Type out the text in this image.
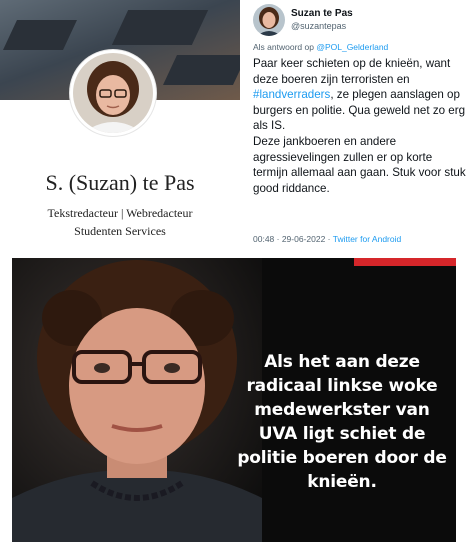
S. (Suzan) te Pas
Tekstredacteur | Webredacteur
Studenten Services
Suzan te Pas
@suzantepas
Als antwoord op @POL_Gelderland
Paar keer schieten op de knieën, want deze boeren zijn terroristen en #landverraders, ze plegen aanslagen op burgers en politie. Qua geweld net zo erg als IS.
Deze jankboeren en andere agressievelingen zullen er op korte termijn allemaal aan gaan. Stuk voor stuk good riddance.
00:48 · 29-06-2022 · Twitter for Android
Als het aan deze radicaal linkse woke medewerkster van UVA ligt schiet de politie boeren door de knieën.
